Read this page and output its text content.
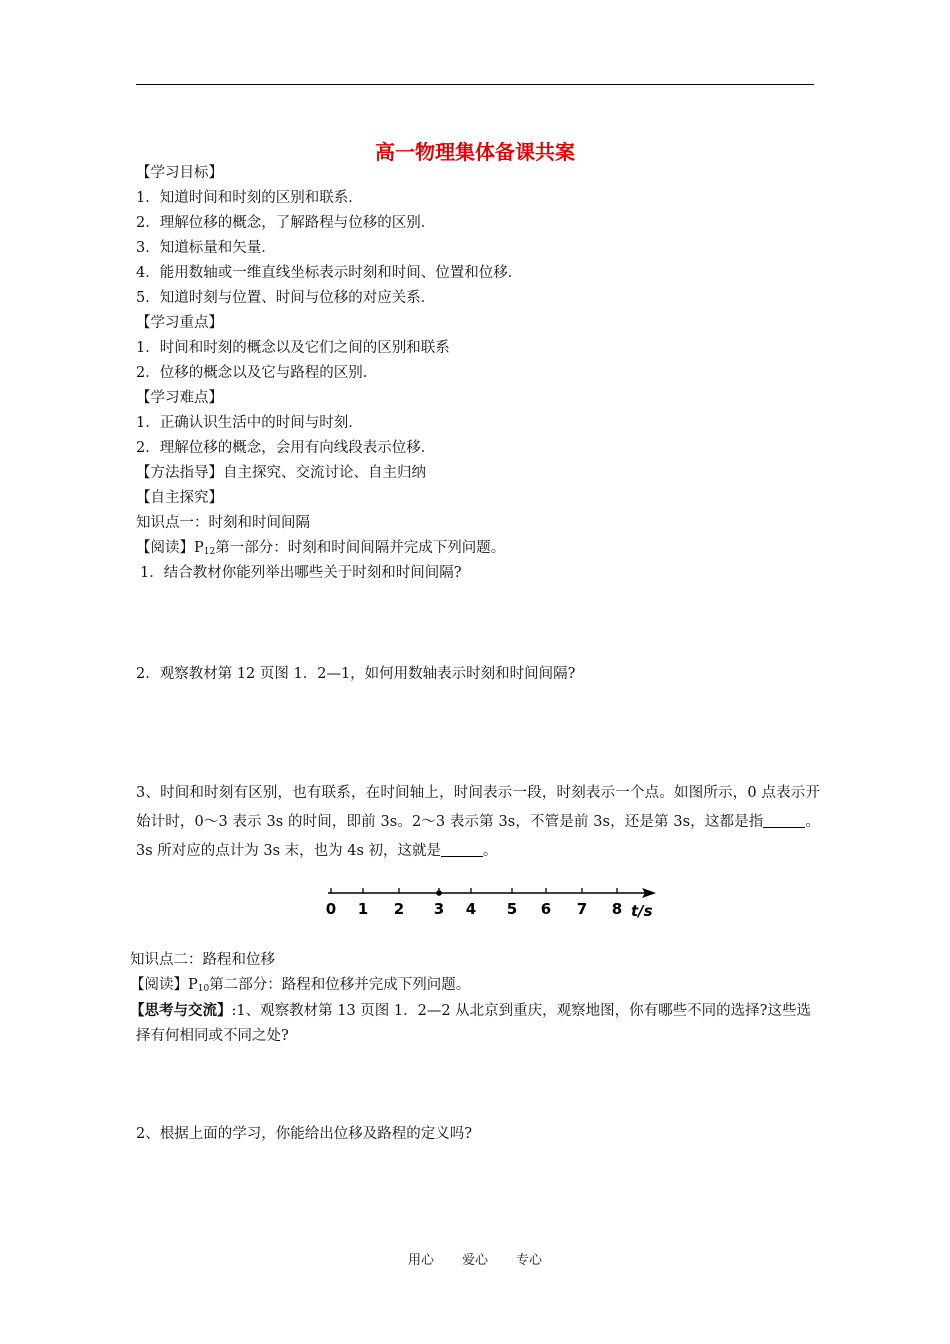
高一物理集体备课共案
【学习目标】
1．知道时间和时刻的区别和联系．
2．理解位移的概念，了解路程与位移的区别．
3．知道标量和矢量．
4．能用数轴或一维直线坐标表示时刻和时间、位置和位移．
5．知道时刻与位置、时间与位移的对应关系．
【学习重点】
1．时间和时刻的概念以及它们之间的区别和联系
2．位移的概念以及它与路程的区别．
【学习难点】
1．正确认识生活中的时间与时刻．
2．理解位移的概念，会用有向线段表示位移．
【方法指导】自主探究、交流讨论、自主归纳
【自主探究】
知识点一：时刻和时间间隔
【阅读】$P_{12}$第一部分：时刻和时间间隔并完成下列问题。
1．结合教材你能列举出哪些关于时刻和时间间隔?
2．观察教材第 12 页图 1．2—1，如何用数轴表示时刻和时间间隔?
3、时间和时刻有区别，也有联系，在时间轴上，时间表示一段，时刻表示一个点。如图所示，0 点表示开始计时，0～3 表示 3s 的时间，即前 3s。2～3 表示第 3s，不管是前 3s，还是第 3s，这都是指	。3s 所对应的点计为 3s 末，也为 4s 初，这就是	。
0 1 2 3 4 5 6 7 8 t/s
知识点二：路程和位移
【阅读】$P_{10}$第二部分：路程和位移并完成下列问题。
【思考与交流】:1、观察教材第 13 页图 1．2—2 从北京到重庆，观察地图，你有哪些不同的选择?这些选择有何相同或不同之处?
2、根据上面的学习，你能给出位移及路程的定义吗?
用心 爱心 专心
